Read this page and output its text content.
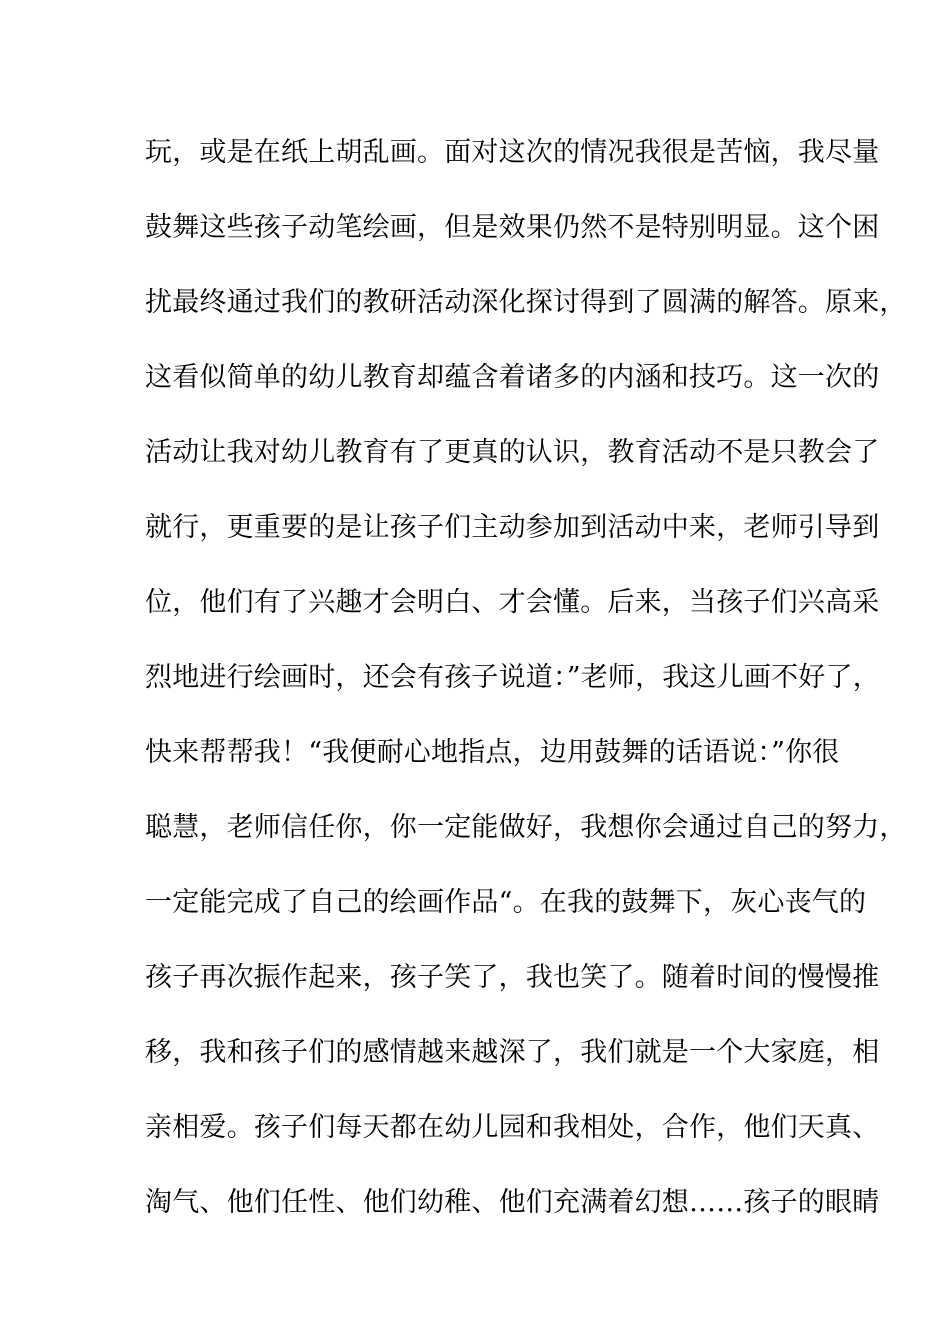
玩，或是在纸上胡乱画。面对这次的情况我很是苦恼，我尽量
鼓舞这些孩子动笔绘画，但是效果仍然不是特别明显。这个困
扰最终通过我们的教研活动深化探讨得到了圆满的解答。原来，
这看似简单的幼儿教育却蕴含着诸多的内涵和技巧。这一次的
活动让我对幼儿教育有了更真的认识，教育活动不是只教会了
就行，更重要的是让孩子们主动参加到活动中来，老师引导到
位，他们有了兴趣才会明白、才会懂。后来，当孩子们兴高采
烈地进行绘画时，还会有孩子说道：”老师，我这儿画不好了，
快来帮帮我！“我便耐心地指点，边用鼓舞的话语说：”你很
聪慧，老师信任你，你一定能做好，我想你会通过自己的努力，
一定能完成了自己的绘画作品“。在我的鼓舞下，灰心丧气的
孩子再次振作起来，孩子笑了，我也笑了。随着时间的慢慢推
移，我和孩子们的感情越来越深了，我们就是一个大家庭，相
亲相爱。孩子们每天都在幼儿园和我相处，合作，他们天真、
淘气、他们任性、他们幼稚、他们充满着幻想……孩子的眼睛
